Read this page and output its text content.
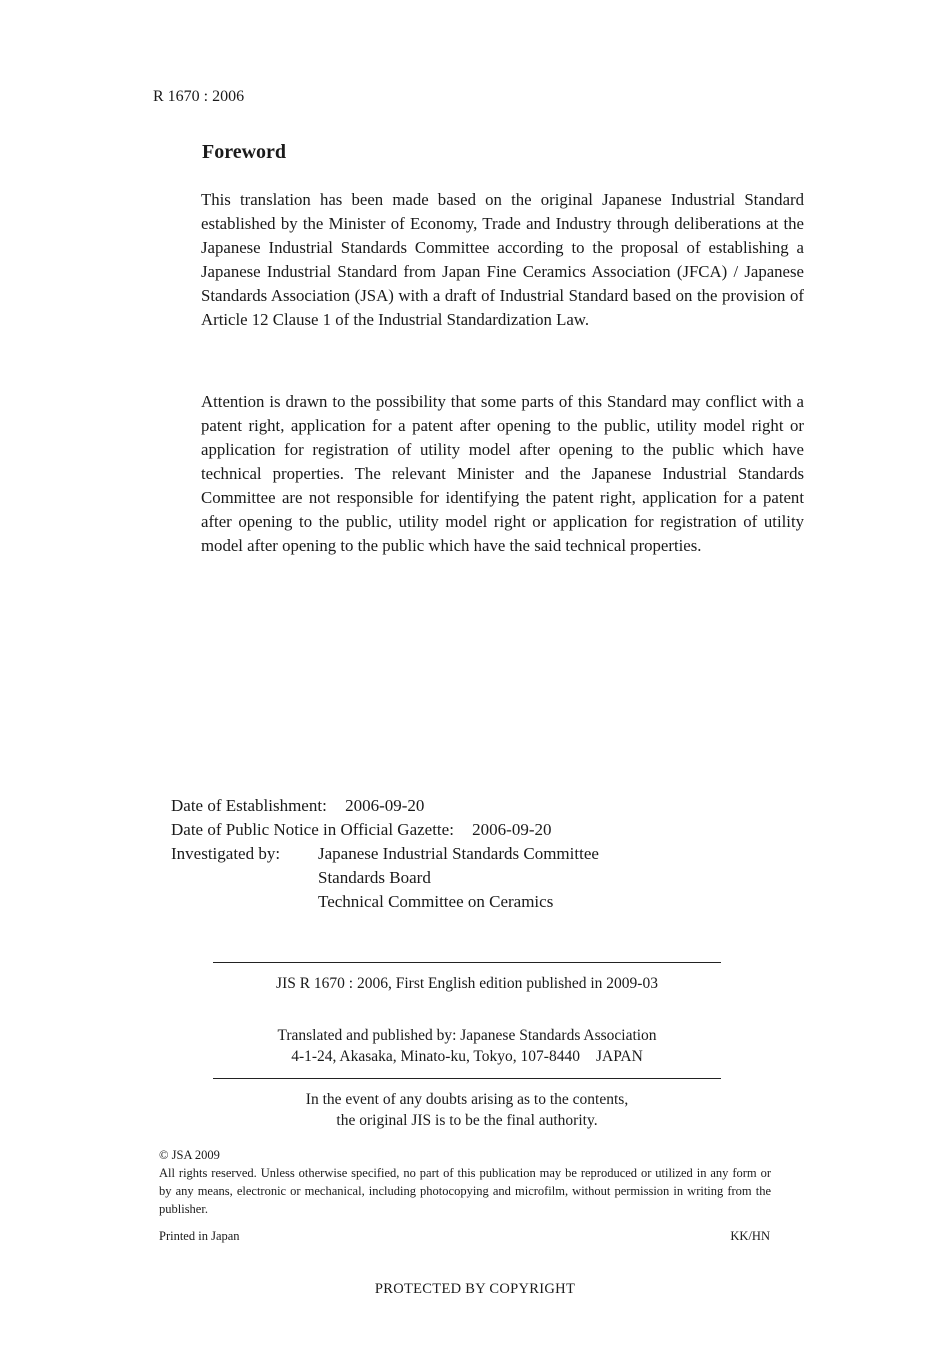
R 1670 : 2006
Foreword
This translation has been made based on the original Japanese Industrial Standard established by the Minister of Economy, Trade and Industry through deliberations at the Japanese Industrial Standards Committee according to the proposal of establishing a Japanese Industrial Standard from Japan Fine Ceramics Association (JFCA) / Japanese Standards Association (JSA) with a draft of Industrial Standard based on the provision of Article 12 Clause 1 of the Industrial Standardization Law.
Attention is drawn to the possibility that some parts of this Standard may conflict with a patent right, application for a patent after opening to the public, utility model right or application for registration of utility model after opening to the public which have technical properties. The relevant Minister and the Japanese Industrial Standards Committee are not responsible for identifying the patent right, application for a patent after opening to the public, utility model right or application for registration of utility model after opening to the public which have the said technical properties.
Date of Establishment: 2006-09-20
Date of Public Notice in Official Gazette: 2006-09-20
Investigated by: Japanese Industrial Standards Committee
Standards Board
Technical Committee on Ceramics
JIS R 1670 : 2006, First English edition published in 2009-03
Translated and published by: Japanese Standards Association
4-1-24, Akasaka, Minato-ku, Tokyo, 107-8440 JAPAN
In the event of any doubts arising as to the contents,
the original JIS is to be the final authority.
© JSA 2009
All rights reserved. Unless otherwise specified, no part of this publication may be reproduced or utilized in any form or by any means, electronic or mechanical, including photocopying and microfilm, without permission in writing from the publisher.
Printed in Japan	KK/HN
PROTECTED BY COPYRIGHT
